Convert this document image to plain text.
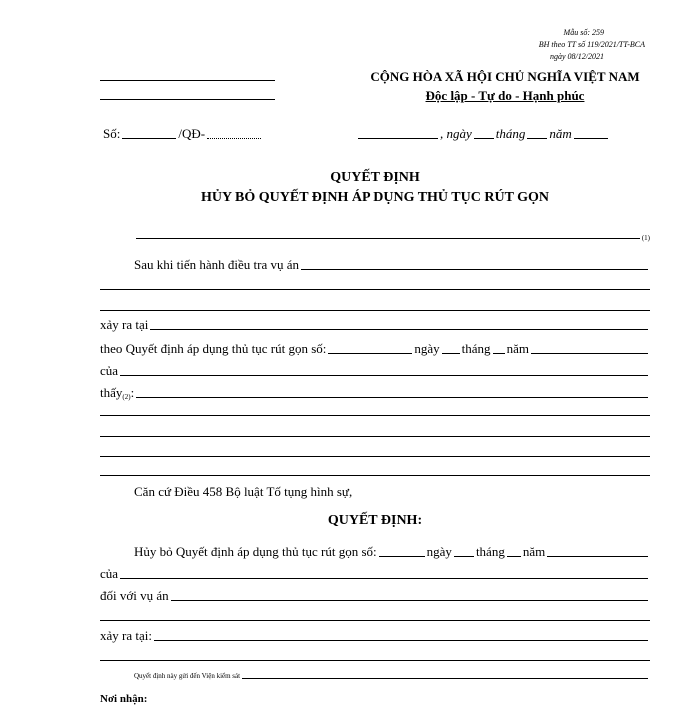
Mẫu số: 259
BH theo TT số 119/2021/TT-BCA
ngày 08/12/2021
CỘNG HÒA XÃ HỘI CHỦ NGHĨA VIỆT NAM
Độc lập - Tự do - Hạnh phúc
Số:	/QĐ-	, ngày tháng năm
QUYẾT ĐỊNH
HỦY BỎ QUYẾT ĐỊNH ÁP DỤNG THỦ TỤC RÚT GỌN
(1)
Sau khi tiến hành điều tra vụ án
xảy ra tại
theo Quyết định áp dụng thủ tục rút gọn số:	ngày tháng năm
của
thấy (2) :
Căn cứ Điều 458 Bộ luật Tố tụng hình sự,
QUYẾT ĐỊNH:
Hủy bỏ Quyết định áp dụng thủ tục rút gọn số:	ngày tháng năm
của
đối với vụ án
xảy ra tại:
Quyết định này gửi đến Viện kiểm sát
Nơi nhận:
